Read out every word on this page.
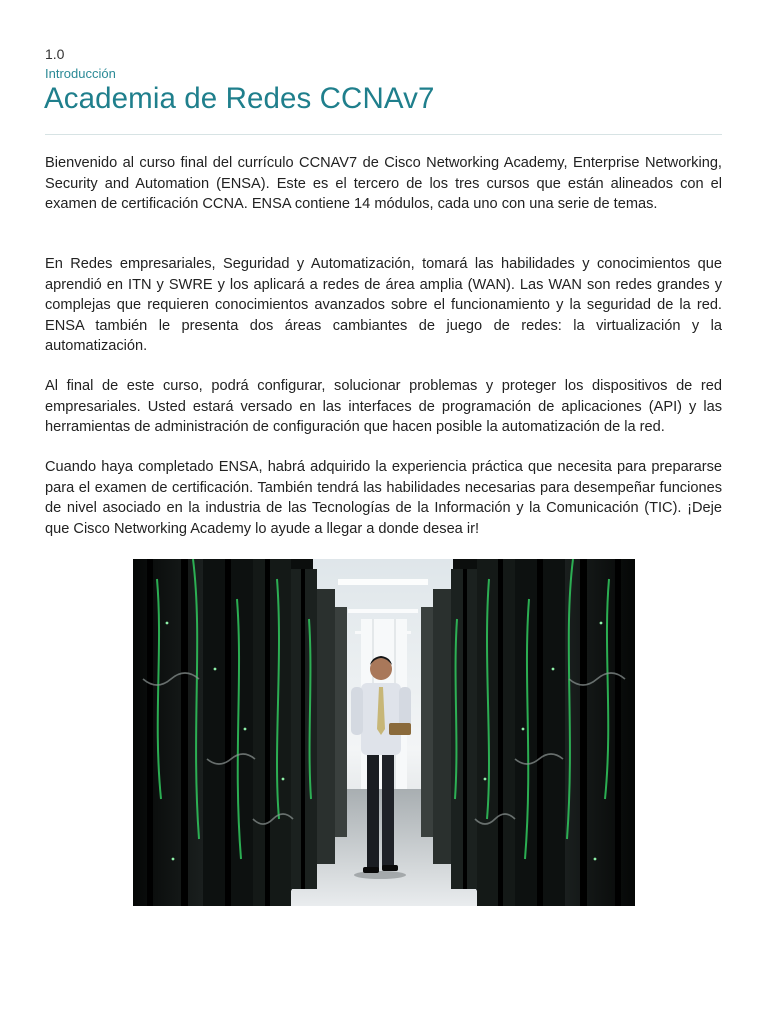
1.0
Introducción
Academia de Redes CCNAv7

Bienvenido al curso final del currículo CCNAV7 de Cisco Networking Academy, Enterprise Networking, Security and Automation (ENSA). Este es el tercero de los tres cursos que están alineados con el examen de certificación CCNA. ENSA contiene 14 módulos, cada uno con una serie de temas.

En Redes empresariales, Seguridad y Automatización, tomará las habilidades y conocimientos que aprendió en ITN y SWRE y los aplicará a redes de área amplia (WAN). Las WAN son redes grandes y complejas que requieren conocimientos avanzados sobre el funcionamiento y la seguridad de la red. ENSA también le presenta dos áreas cambiantes de juego de redes: la virtualización y la automatización.

Al final de este curso, podrá configurar, solucionar problemas y proteger los dispositivos de red empresariales. Usted estará versado en las interfaces de programación de aplicaciones (API) y las herramientas de administración de configuración que hacen posible la automatización de la red.

Cuando haya completado ENSA, habrá adquirido la experiencia práctica que necesita para prepararse para el examen de certificación. También tendrá las habilidades necesarias para desempeñar funciones de nivel asociado en la industria de las Tecnologías de la Información y la Comunicación (TIC). ¡Deje que Cisco Networking Academy lo ayude a llegar a donde desea ir!
